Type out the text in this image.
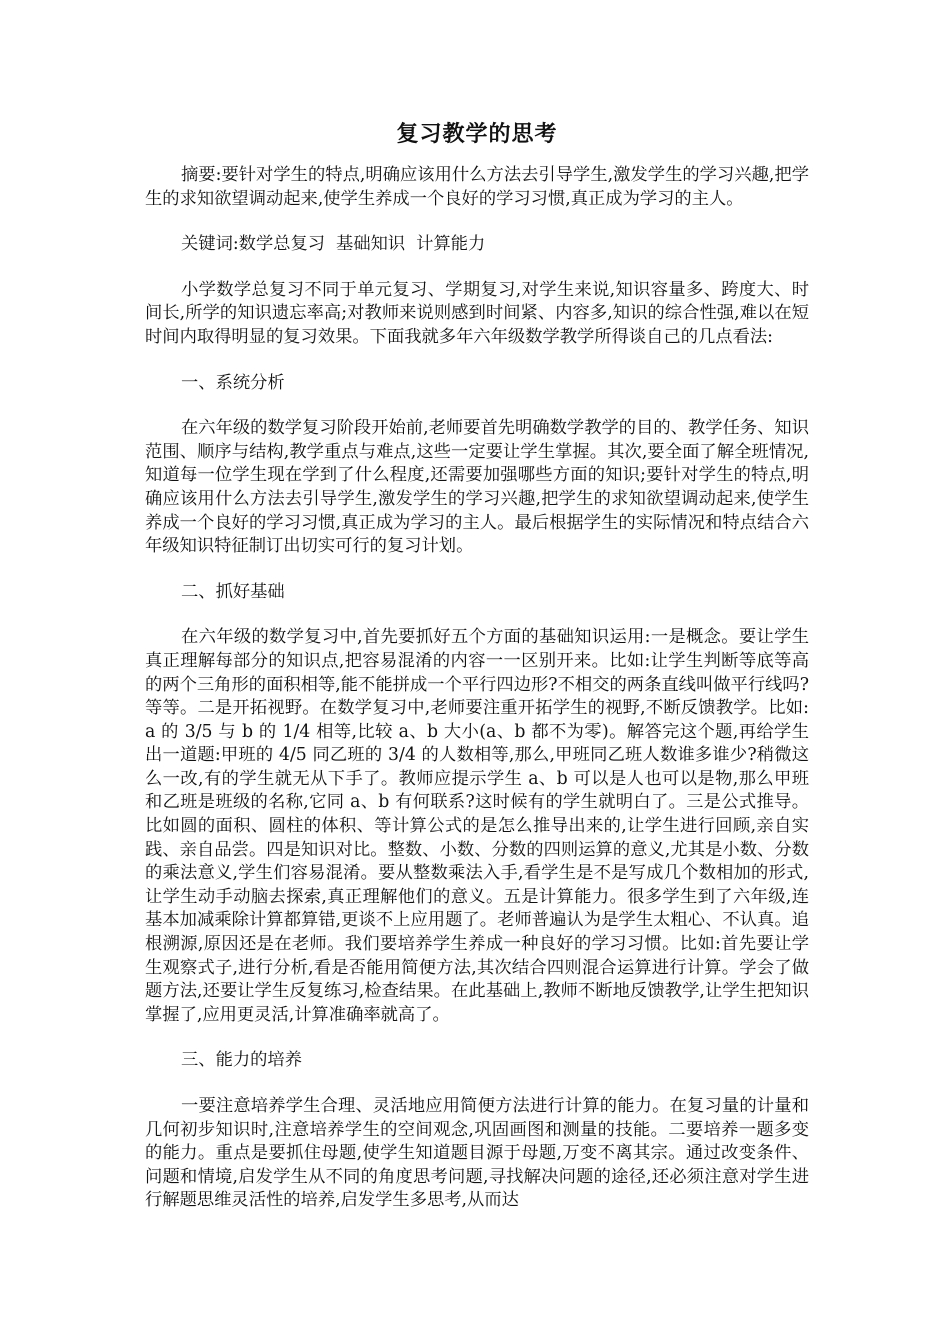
复习教学的思考
摘要:要针对学生的特点,明确应该用什么方法去引导学生,激发学生的学习兴趣,把学生的求知欲望调动起来,使学生养成一个良好的学习习惯,真正成为学习的主人。
关键词:数学总复习  基础知识  计算能力
小学数学总复习不同于单元复习、学期复习,对学生来说,知识容量多、跨度大、时间长,所学的知识遗忘率高;对教师来说则感到时间紧、内容多,知识的综合性强,难以在短时间内取得明显的复习效果。下面我就多年六年级数学教学所得谈自己的几点看法:
一、系统分析
在六年级的数学复习阶段开始前,老师要首先明确数学教学的目的、教学任务、知识范围、顺序与结构,教学重点与难点,这些一定要让学生掌握。其次,要全面了解全班情况,知道每一位学生现在学到了什么程度,还需要加强哪些方面的知识;要针对学生的特点,明确应该用什么方法去引导学生,激发学生的学习兴趣,把学生的求知欲望调动起来,使学生养成一个良好的学习习惯,真正成为学习的主人。最后根据学生的实际情况和特点结合六年级知识特征制订出切实可行的复习计划。
二、抓好基础
在六年级的数学复习中,首先要抓好五个方面的基础知识运用:一是概念。要让学生真正理解每部分的知识点,把容易混淆的内容一一区别开来。比如:让学生判断等底等高的两个三角形的面积相等,能不能拼成一个平行四边形?不相交的两条直线叫做平行线吗?等等。二是开拓视野。在数学复习中,老师要注重开拓学生的视野,不断反馈教学。比如:a 的 3/5 与 b 的 1/4 相等,比较 a、b 大小(a、b 都不为零)。解答完这个题,再给学生出一道题:甲班的 4/5 同乙班的 3/4 的人数相等,那么,甲班同乙班人数谁多谁少?稍微这么一改,有的学生就无从下手了。教师应提示学生 a、b 可以是人也可以是物,那么甲班和乙班是班级的名称,它同 a、b 有何联系?这时候有的学生就明白了。三是公式推导。比如圆的面积、圆柱的体积、等计算公式的是怎么推导出来的,让学生进行回顾,亲自实践、亲自品尝。四是知识对比。整数、小数、分数的四则运算的意义,尤其是小数、分数的乘法意义,学生们容易混淆。要从整数乘法入手,看学生是不是写成几个数相加的形式,让学生动手动脑去探索,真正理解他们的意义。五是计算能力。很多学生到了六年级,连基本加减乘除计算都算错,更谈不上应用题了。老师普遍认为是学生太粗心、不认真。追根溯源,原因还是在老师。我们要培养学生养成一种良好的学习习惯。比如:首先要让学生观察式子,进行分析,看是否能用简便方法,其次结合四则混合运算进行计算。学会了做题方法,还要让学生反复练习,检查结果。在此基础上,教师不断地反馈教学,让学生把知识掌握了,应用更灵活,计算准确率就高了。
三、能力的培养
一要注意培养学生合理、灵活地应用简便方法进行计算的能力。在复习量的计量和几何初步知识时,注意培养学生的空间观念,巩固画图和测量的技能。二要培养一题多变的能力。重点是要抓住母题,使学生知道题目源于母题,万变不离其宗。通过改变条件、问题和情境,启发学生从不同的角度思考问题,寻找解决问题的途径,还必须注意对学生进行解题思维灵活性的培养,启发学生多思考,从而达
